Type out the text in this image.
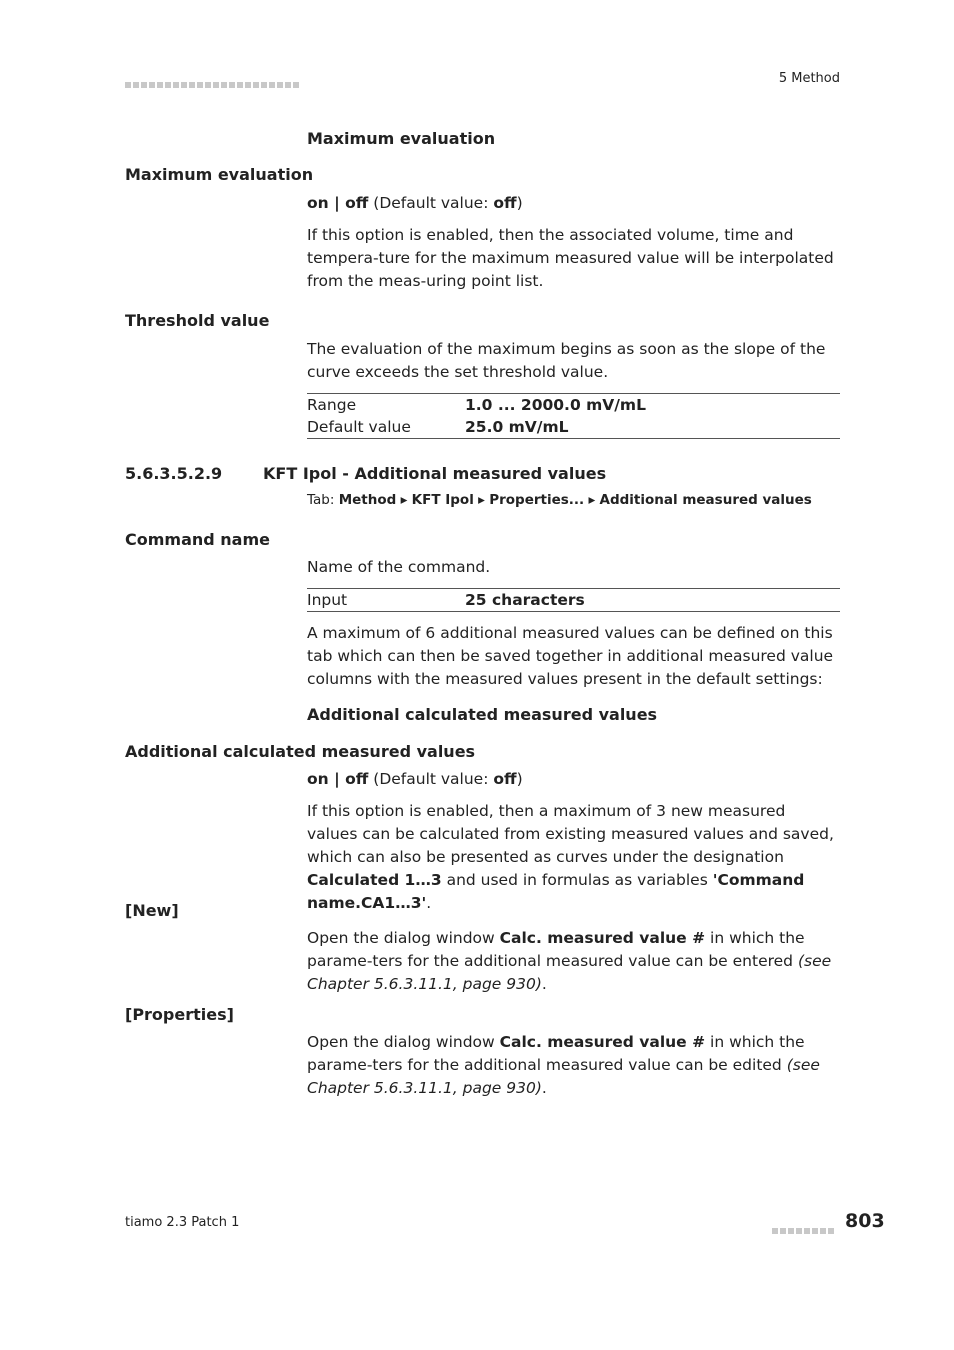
5 Method
Maximum evaluation
Maximum evaluation
on | off (Default value: off)
If this option is enabled, then the associated volume, time and tempera-ture for the maximum measured value will be interpolated from the meas-uring point list.
Threshold value
The evaluation of the maximum begins as soon as the slope of the curve exceeds the set threshold value.
Range	1.0 ... 2000.0 mV/mL
Default value	25.0 mV/mL
5.6.3.5.2.9	KFT Ipol - Additional measured values
Tab: Method ▸ KFT Ipol ▸ Properties... ▸ Additional measured values
Command name
Name of the command.
Input	25 characters
A maximum of 6 additional measured values can be defined on this tab which can then be saved together in additional measured value columns with the measured values present in the default settings:
Additional calculated measured values
Additional calculated measured values
on | off (Default value: off)
If this option is enabled, then a maximum of 3 new measured values can be calculated from existing measured values and saved, which can also be presented as curves under the designation Calculated 1…3 and used in formulas as variables 'Command name.CA1…3'.
[New]
Open the dialog window Calc. measured value # in which the parame-ters for the additional measured value can be entered (see Chapter 5.6.3.11.1, page 930).
[Properties]
Open the dialog window Calc. measured value # in which the parame-ters for the additional measured value can be edited (see Chapter 5.6.3.11.1, page 930).
tiamo 2.3 Patch 1	803
